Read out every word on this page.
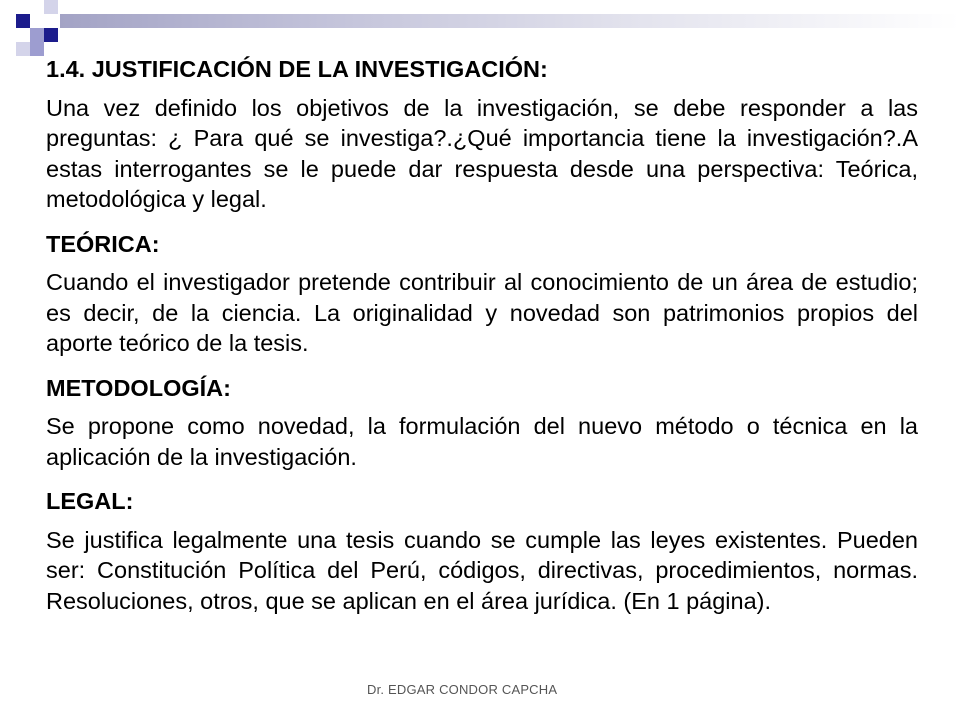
1.4. JUSTIFICACIÓN DE LA INVESTIGACIÓN:

Una vez definido los objetivos de la investigación, se debe responder a las preguntas: ¿ Para qué se investiga?.¿Qué importancia tiene la investigación?.A estas interrogantes se le puede dar respuesta desde una perspectiva: Teórica, metodológica y legal.

TEÓRICA:

Cuando el investigador pretende contribuir al conocimiento de un área de estudio; es decir, de la ciencia. La originalidad y novedad son patrimonios propios del aporte teórico de la tesis.

METODOLOGÍA:

Se propone como novedad, la formulación del nuevo método o técnica en la aplicación de la investigación.

LEGAL:

Se justifica legalmente una tesis cuando se cumple las leyes existentes. Pueden ser: Constitución Política del Perú, códigos, directivas, procedimientos, normas. Resoluciones, otros, que se aplican en el área jurídica. (En 1 página).

Dr. EDGAR CONDOR CAPCHA
